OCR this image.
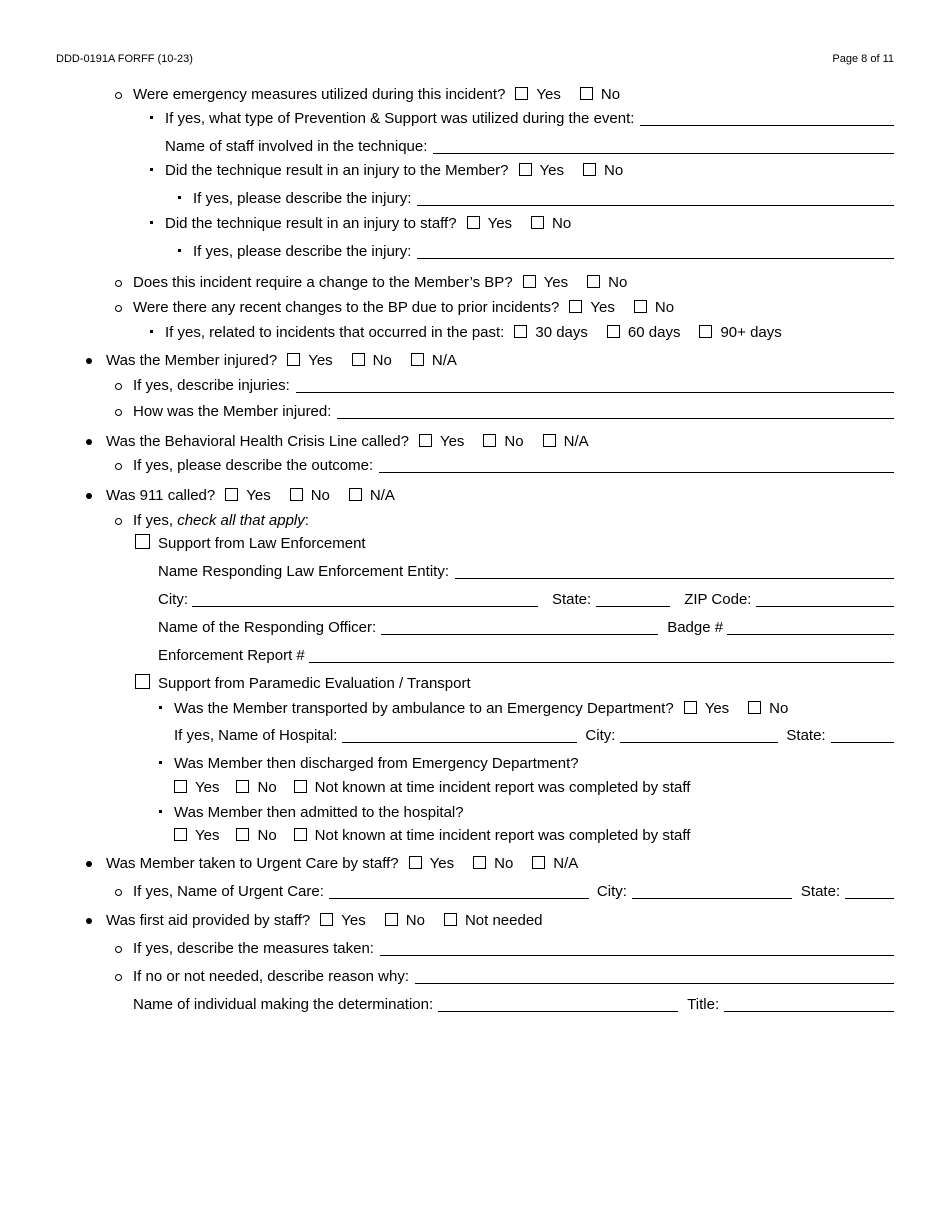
DDD-0191A FORFF (10-23)	Page 8 of 11
Were emergency measures utilized during this incident? Yes	No
If yes, what type of Prevention & Support was utilized during the event:
Name of staff involved in the technique:
Did the technique result in an injury to the Member? Yes	No
If yes, please describe the injury:
Did the technique result in an injury to staff? Yes	No
If yes, please describe the injury:
Does this incident require a change to the Member’s BP? Yes	No
Were there any recent changes to the BP due to prior incidents? Yes	No
If yes, related to incidents that occurred in the past: 30 days	60 days	90+ days
Was the Member injured? Yes	No	N/A
If yes, describe injuries:
How was the Member injured:
Was the Behavioral Health Crisis Line called? Yes	No	N/A
If yes, please describe the outcome:
Was 911 called? Yes	No	N/A
If yes, check all that apply :
Support from Law Enforcement
Name Responding Law Enforcement Entity:
City:	State:	ZIP Code:
Name of the Responding Officer:	Badge #
Enforcement Report #
Support from Paramedic Evaluation / Transport
Was the Member transported by ambulance to an Emergency Department? Yes	No
If yes, Name of Hospital:	City:	State:
Was Member then discharged from Emergency Department?
Yes	No	Not known at time incident report was completed by staff
Was Member then admitted to the hospital?
Yes	No	Not known at time incident report was completed by staff
Was Member taken to Urgent Care by staff? Yes	No	N/A
If yes, Name of Urgent Care:	City:	State:
Was first aid provided by staff? Yes	No	Not needed
If yes, describe the measures taken:
If no or not needed, describe reason why:
Name of individual making the determination:	Title:
